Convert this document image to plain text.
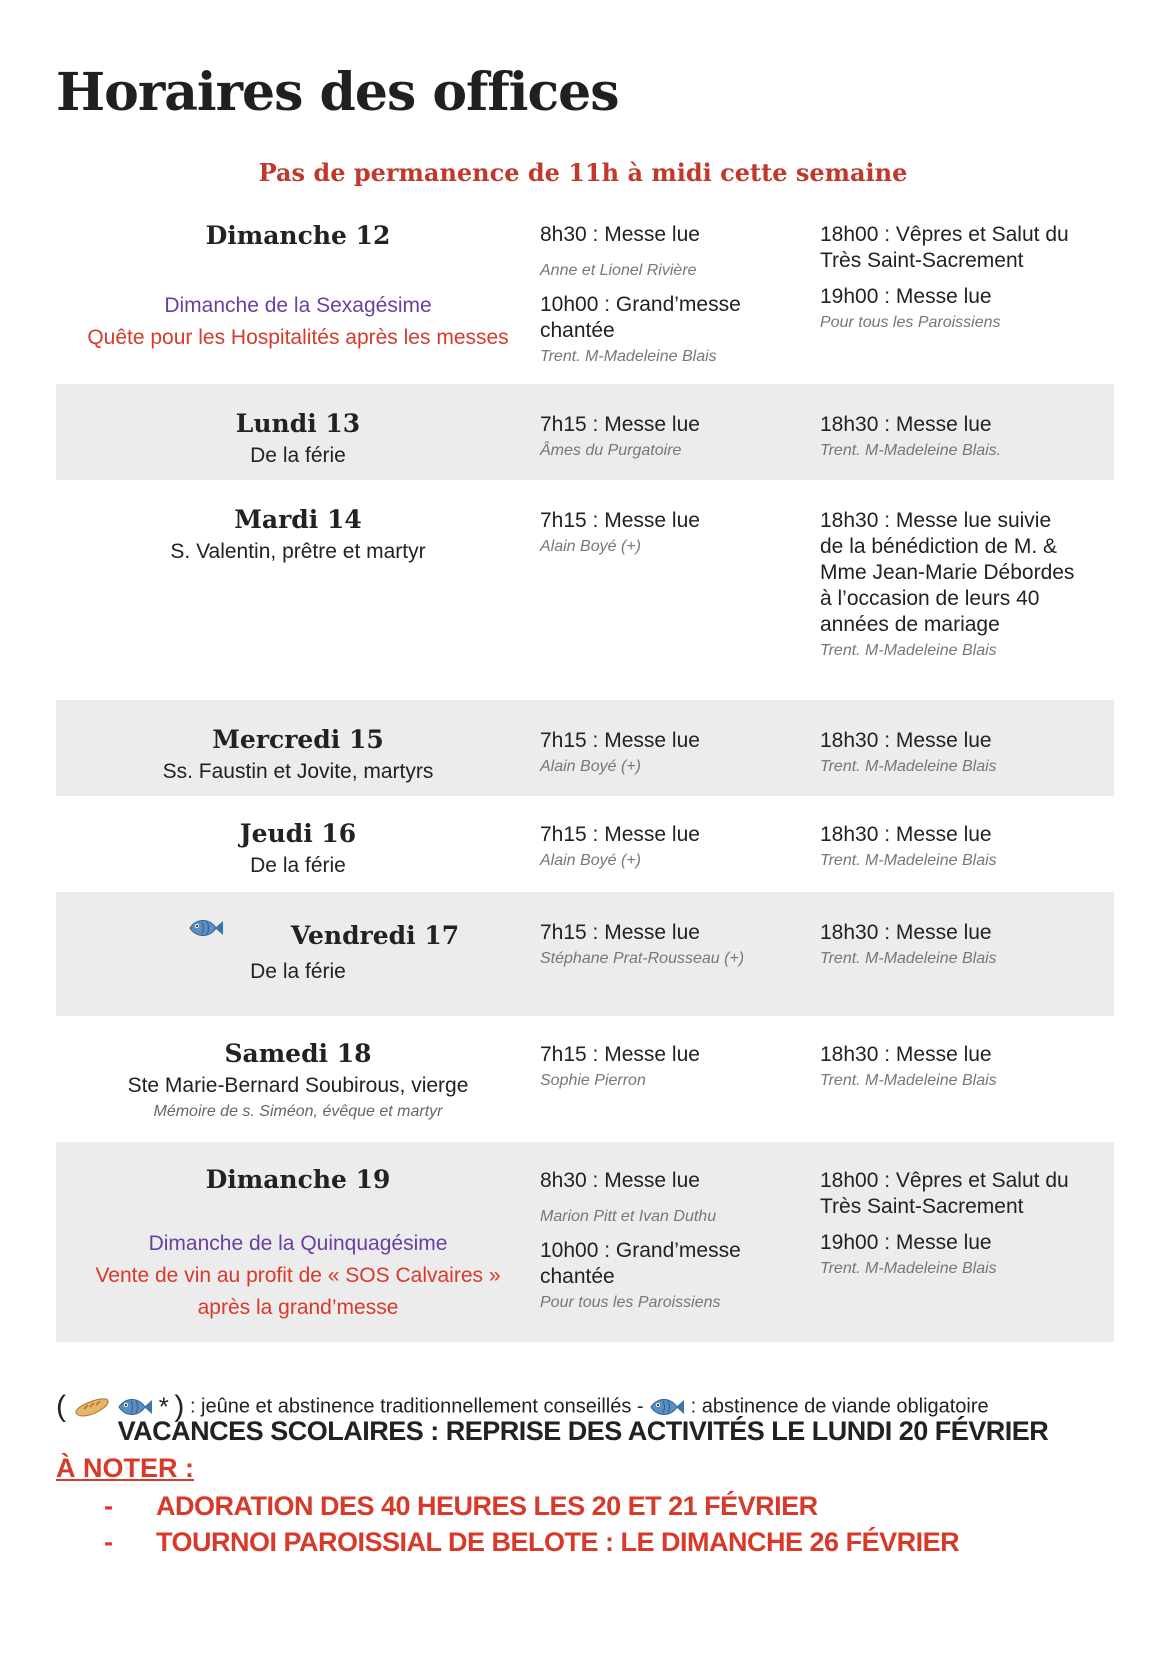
Horaires des offices
Pas de permanence de 11h à midi cette semaine
Dimanche 12
Dimanche de la Sexagésime
Quête pour les Hospitalités après les messes
8h30 : Messe lue
Anne et Lionel Rivière
10h00 : Grand’messe chantée
Trent. M-Madeleine Blais
18h00 : Vêpres et Salut du Très Saint-Sacrement
19h00 : Messe lue
Pour tous les Paroissiens
Lundi 13
De la férie
7h15 : Messe lue
Âmes du Purgatoire
18h30 : Messe lue
Trent. M-Madeleine Blais.
Mardi 14
S. Valentin, prêtre et martyr
7h15 : Messe lue
Alain Boyé (+)
18h30 : Messe lue suivie de la bénédiction de M. & Mme Jean-Marie Débordes à l’occasion de leurs 40 années de mariage
Trent. M-Madeleine Blais
Mercredi 15
Ss. Faustin et Jovite, martyrs
7h15 : Messe lue
Alain Boyé (+)
18h30 : Messe lue
Trent. M-Madeleine Blais
Jeudi 16
De la férie
7h15 : Messe lue
Alain Boyé (+)
18h30 : Messe lue
Trent. M-Madeleine Blais
Vendredi 17
De la férie
7h15 : Messe lue
Stéphane Prat-Rousseau (+)
18h30 : Messe lue
Trent. M-Madeleine Blais
Samedi 18
Ste Marie-Bernard Soubirous, vierge
Mémoire de s. Siméon, évêque et martyr
7h15 : Messe lue
Sophie Pierron
18h30 : Messe lue
Trent. M-Madeleine Blais
Dimanche 19
Dimanche de la Quinquagésime
Vente de vin au profit de « SOS Calvaires » après la grand’messe
8h30 : Messe lue
Marion Pitt et Ivan Duthu
10h00 : Grand’messe chantée
Pour tous les Paroissiens
18h00 : Vêpres et Salut du Très Saint-Sacrement
19h00 : Messe lue
Trent. M-Madeleine Blais
(	* ) : jeûne et abstinence traditionnellement conseillés - : abstinence de viande obligatoire
VACANCES SCOLAIRES : REPRISE DES ACTIVITÉS LE LUNDI 20 FÉVRIER
À NOTER :
- ADORATION DES 40 HEURES LES 20 ET 21 FÉVRIER
- TOURNOI PAROISSIAL DE BELOTE : LE DIMANCHE 26 FÉVRIER
